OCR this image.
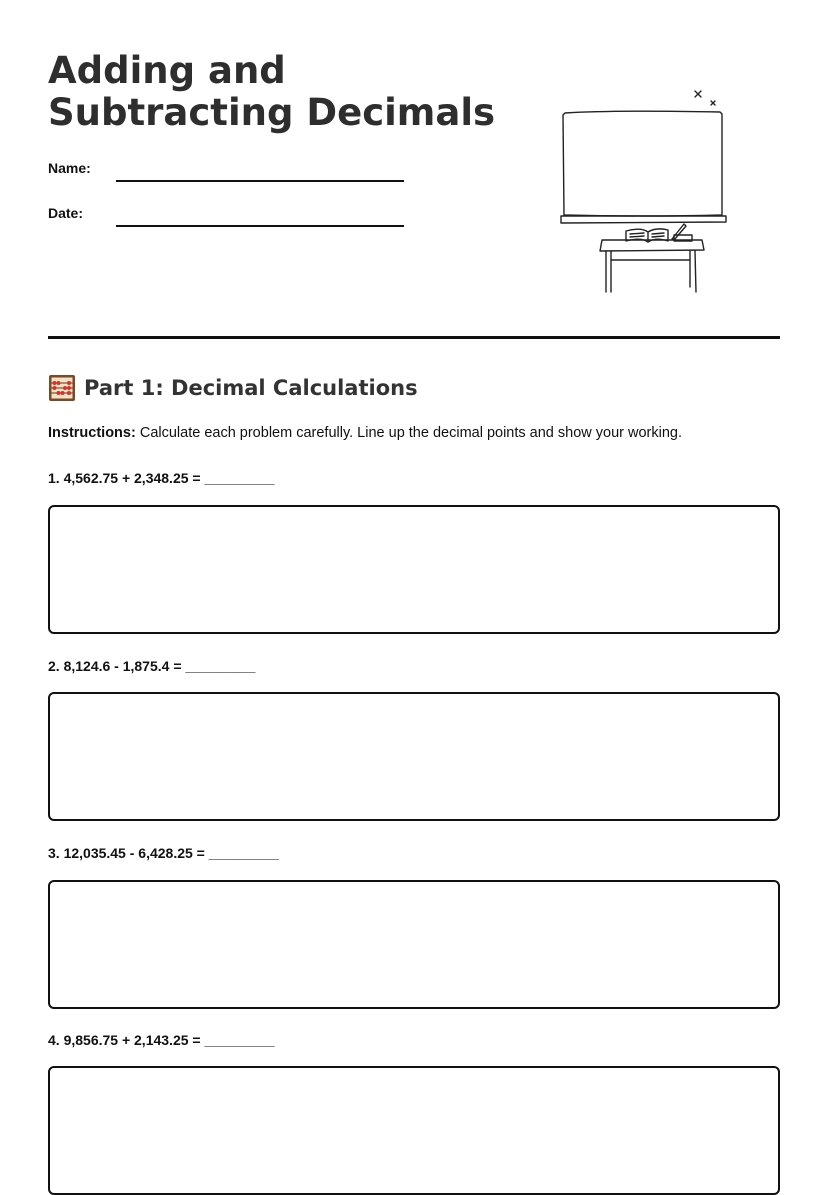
Adding and Subtracting Decimals
Name:
Date:
Part 1: Decimal Calculations
Instructions: Calculate each problem carefully. Line up the decimal points and show your working.
1. 4,562.75 + 2,348.25 = _________
2. 8,124.6 - 1,875.4 = _________
3. 12,035.45 - 6,428.25 = _________
4. 9,856.75 + 2,143.25 = _________
